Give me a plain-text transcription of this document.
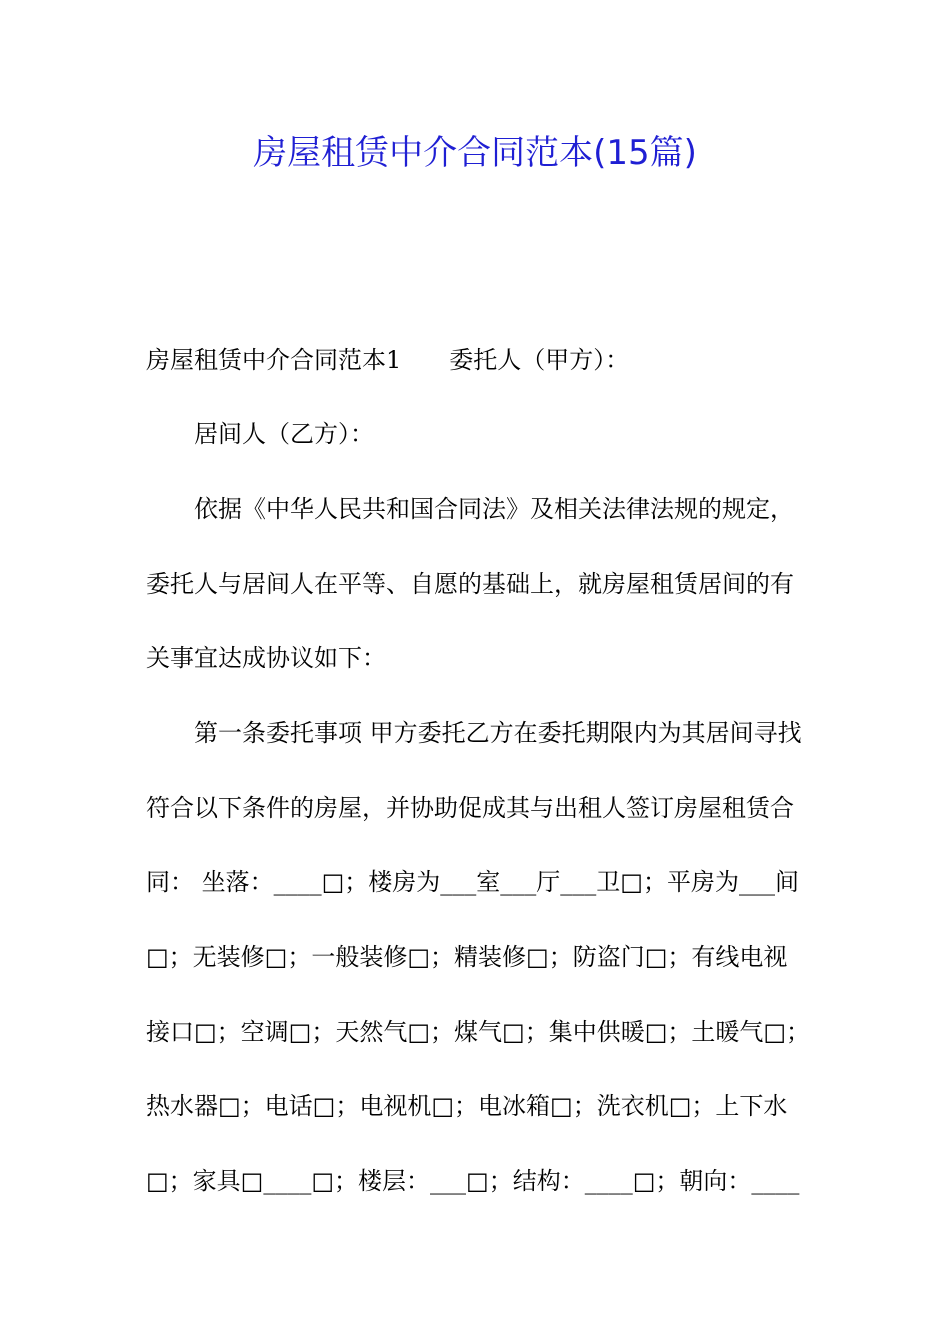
房屋租赁中介合同范本(15篇)
房屋租赁中介合同范本1　　委托人（甲方）：
居间人（乙方）：
依据《中华人民共和国合同法》及相关法律法规的规定，
委托人与居间人在平等、自愿的基础上，就房屋租赁居间的有
关事宜达成协议如下：
第一条委托事项 甲方委托乙方在委托期限内为其居间寻找
符合以下条件的房屋，并协助促成其与出租人签订房屋租赁合
同： 坐落：____□；楼房为___室___厅___卫□；平房为___间
□；无装修□；一般装修□；精装修□；防盗门□；有线电视
接口□；空调□；天然气□；煤气□；集中供暖□；土暖气□；
热水器□；电话□；电视机□；电冰箱□；洗衣机□；上下水
□；家具□____□；楼层：___□；结构：____□；朝向：____
